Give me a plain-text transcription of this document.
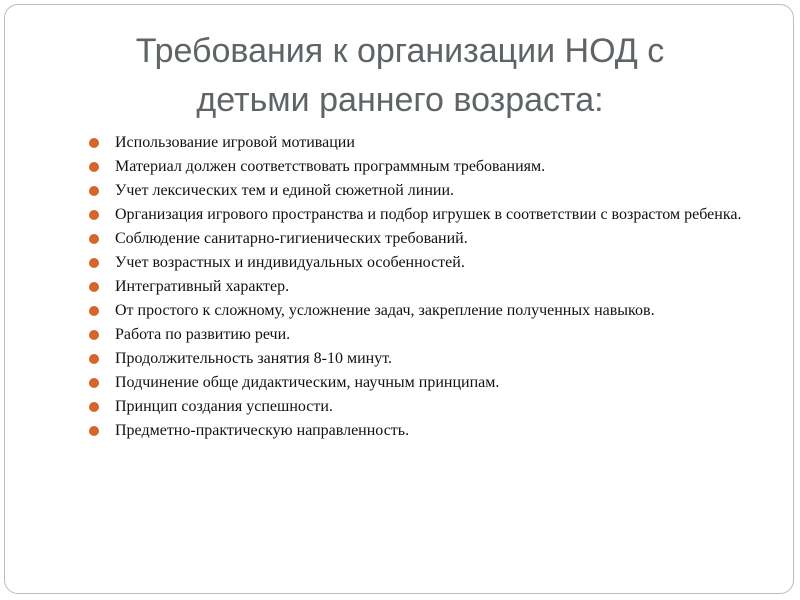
Требования к организации НОД с
детьми раннего возраста:
Использование игровой мотивации
Материал должен соответствовать программным требованиям.
Учет лексических тем и единой сюжетной линии.
Организация игрового пространства и подбор игрушек в соответствии с возрастом ребенка.
Соблюдение санитарно-гигиенических требований.
Учет возрастных и индивидуальных особенностей.
Интегративный характер.
От простого к сложному, усложнение задач, закрепление полученных навыков.
Работа по развитию речи.
Продолжительность занятия 8-10 минут.
Подчинение обще дидактическим, научным принципам.
Принцип создания успешности.
Предметно-практическую направленность.
